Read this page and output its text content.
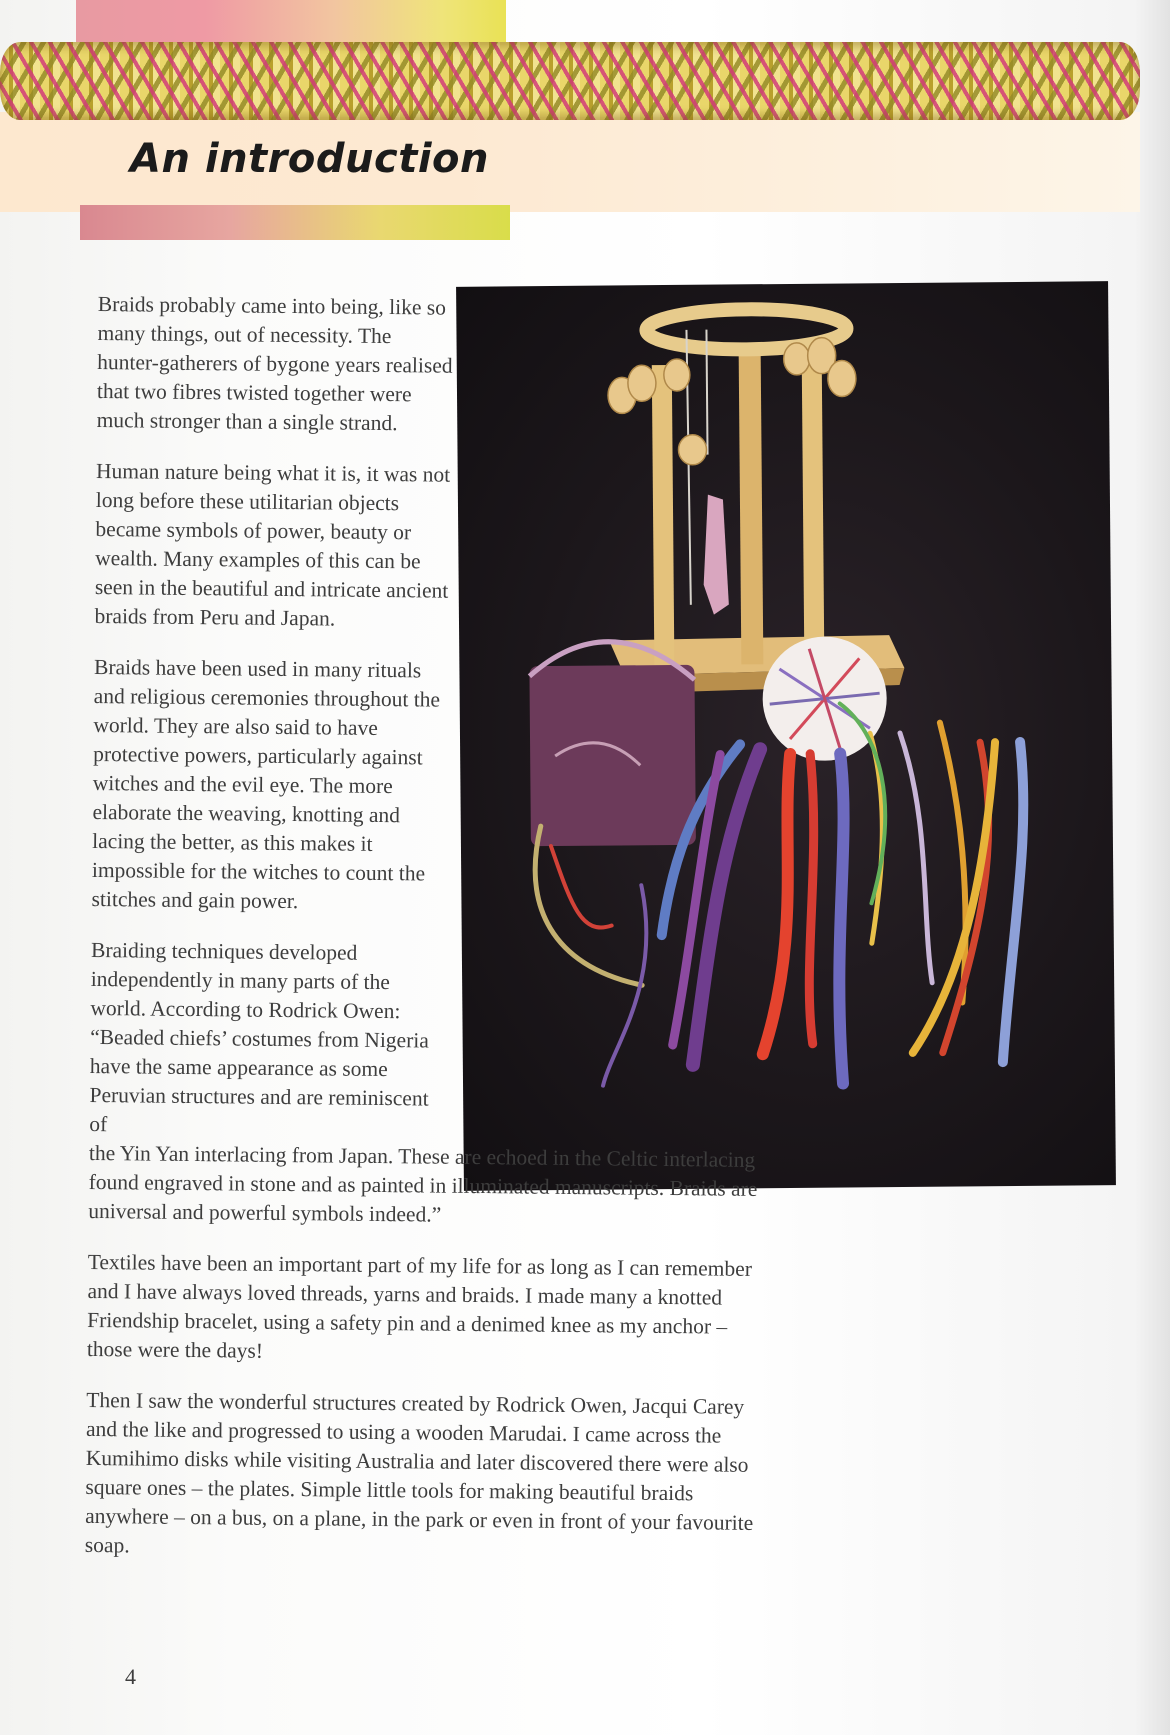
An introduction

Braids probably came into being, like so many things, out of necessity. The hunter-gatherers of bygone years realised that two fibres twisted together were much stronger than a single strand.

Human nature being what it is, it was not long before these utilitarian objects became symbols of power, beauty or wealth. Many examples of this can be seen in the beautiful and intricate ancient braids from Peru and Japan.

Braids have been used in many rituals and religious ceremonies throughout the world. They are also said to have protective powers, particularly against witches and the evil eye. The more elaborate the weaving, knotting and lacing the better, as this makes it impossible for the witches to count the stitches and gain power.

Braiding techniques developed independently in many parts of the world. According to Rodrick Owen: “Beaded chiefs’ costumes from Nigeria have the same appearance as some Peruvian structures and are reminiscent of
the Yin Yan interlacing from Japan. These are echoed in the Celtic interlacing found engraved in stone and as painted in illuminated manuscripts. Braids are universal and powerful symbols indeed.”

Textiles have been an important part of my life for as long as I can remember and I have always loved threads, yarns and braids. I made many a knotted Friendship bracelet, using a safety pin and a denimed knee as my anchor – those were the days!

Then I saw the wonderful structures created by Rodrick Owen, Jacqui Carey and the like and progressed to using a wooden Marudai. I came across the Kumihimo disks while visiting Australia and later discovered there were also square ones – the plates. Simple little tools for making beautiful braids anywhere – on a bus, on a plane, in the park or even in front of your favourite soap.

4
